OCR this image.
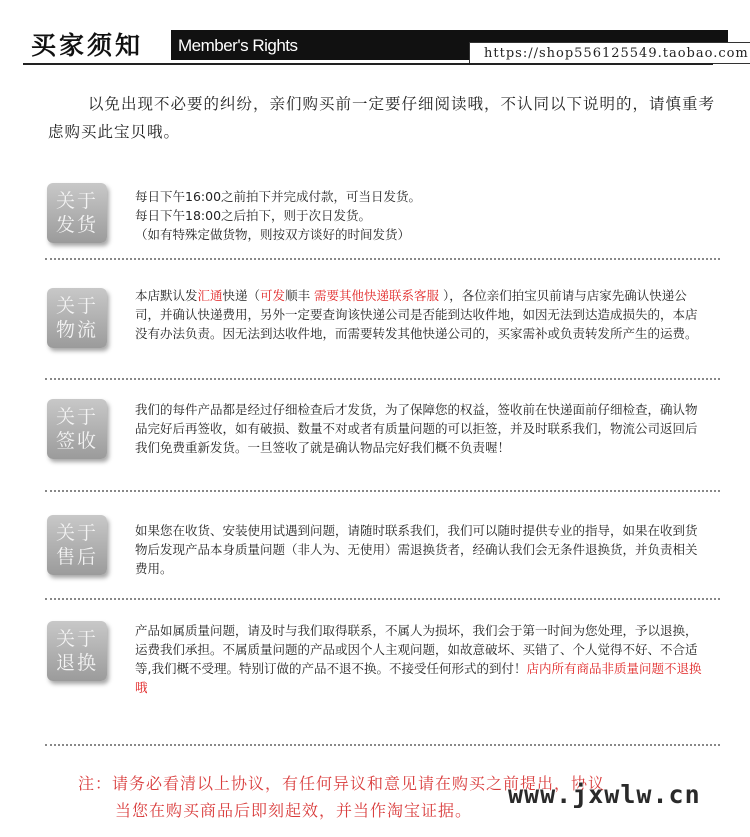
买家须知 Member's Rights	https://shop556125549.taobao.com
以免出现不必要的纠纷，亲们购买前一定要仔细阅读哦，不认同以下说明的，请慎重考虑购买此宝贝哦。
关于
发货
每日下午16:00之前拍下并完成付款，可当日发货。
每日下午18:00之后拍下，则于次日发货。
（如有特殊定做货物，则按双方谈好的时间发货）
关于
物流
本店默认发汇通快递（可发顺丰 需要其他快递联系客服 ），各位亲们拍宝贝前请与店家先确认快递公司，并确认快递费用，另外一定要查询该快递公司是否能到达收件地，如因无法到达造成损失的，本店没有办法负责。因无法到达收件地，而需要转发其他快递公司的，买家需补或负责转发所产生的运费。
关于
签收
我们的每件产品都是经过仔细检查后才发货，为了保障您的权益，签收前在快递面前仔细检查，确认物品完好后再签收，如有破损、数量不对或者有质量问题的可以拒签，并及时联系我们，物流公司返回后我们免费重新发货。一旦签收了就是确认物品完好我们概不负责喔！
关于
售后
如果您在收货、安装使用试遇到问题，请随时联系我们，我们可以随时提供专业的指导，如果在收到货物后发现产品本身质量问题（非人为、无使用）需退换货者，经确认我们会无条件退换货，并负责相关费用。
关于
退换
产品如属质量问题，请及时与我们取得联系，不属人为损坏，我们会于第一时间为您处理，予以退换，运费我们承担。不属质量问题的产品或因个人主观问题，如故意破坏、买错了、个人觉得不好、不合适等,我们概不受理。特别订做的产品不退不换。不接受任何形式的到付！店内所有商品非质量问题不退换哦
注：请务必看清以上协议，有任何异议和意见请在购买之前提出，协议
当您在购买商品后即刻起效，并当作淘宝证据。
www.jxwlw.cn
